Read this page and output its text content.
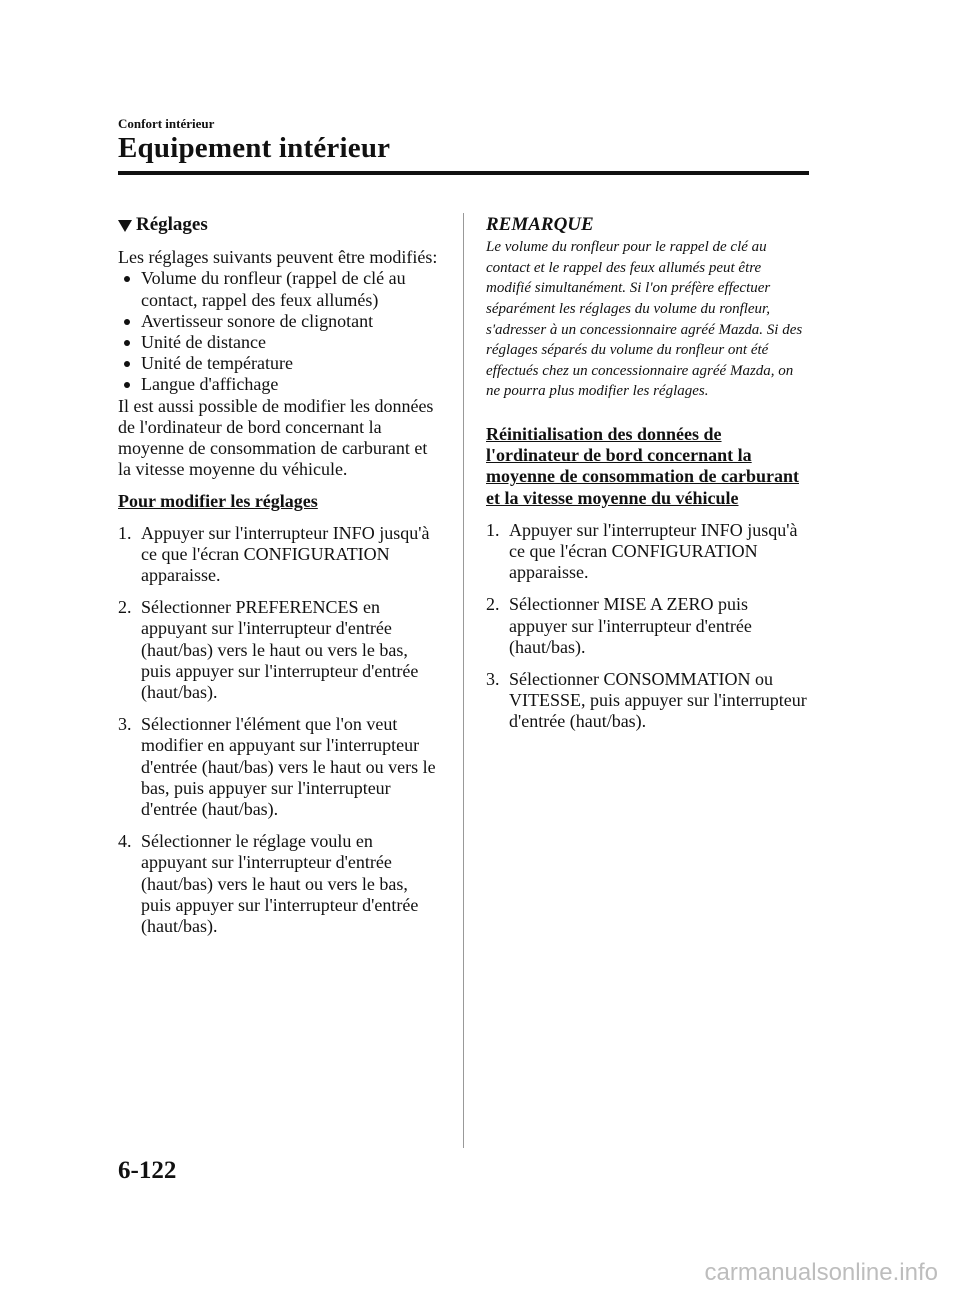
Confort intérieur
Equipement intérieur
Réglages

Les réglages suivants peuvent être modifiés:

Volume du ronfleur (rappel de clé au contact, rappel des feux allumés)
Avertisseur sonore de clignotant
Unité de distance
Unité de température
Langue d'affichage

Il est aussi possible de modifier les données de l'ordinateur de bord concernant la moyenne de consommation de carburant et la vitesse moyenne du véhicule.

Pour modifier les réglages
1. Appuyer sur l'interrupteur INFO jusqu'à ce que l'écran CONFIGURATION apparaisse.
2. Sélectionner PREFERENCES en appuyant sur l'interrupteur d'entrée (haut/bas) vers le haut ou vers le bas, puis appuyer sur l'interrupteur d'entrée (haut/bas).
3. Sélectionner l'élément que l'on veut modifier en appuyant sur l'interrupteur d'entrée (haut/bas) vers le haut ou vers le bas, puis appuyer sur l'interrupteur d'entrée (haut/bas).
4. Sélectionner le réglage voulu en appuyant sur l'interrupteur d'entrée (haut/bas) vers le haut ou vers le bas, puis appuyer sur l'interrupteur d'entrée (haut/bas).
REMARQUE

Le volume du ronfleur pour le rappel de clé au contact et le rappel des feux allumés peut être modifié simultanément. Si l'on préfère effectuer séparément les réglages du volume du ronfleur, s'adresser à un concessionnaire agréé Mazda. Si des réglages séparés du volume du ronfleur ont été effectués chez un concessionnaire agréé Mazda, on ne pourra plus modifier les réglages.

Réinitialisation des données de l'ordinateur de bord concernant la moyenne de consommation de carburant et la vitesse moyenne du véhicule
1. Appuyer sur l'interrupteur INFO jusqu'à ce que l'écran CONFIGURATION apparaisse.
2. Sélectionner MISE A ZERO puis appuyer sur l'interrupteur d'entrée (haut/bas).
3. Sélectionner CONSOMMATION ou VITESSE, puis appuyer sur l'interrupteur d'entrée (haut/bas).
6-122
carmanualsonline.info
